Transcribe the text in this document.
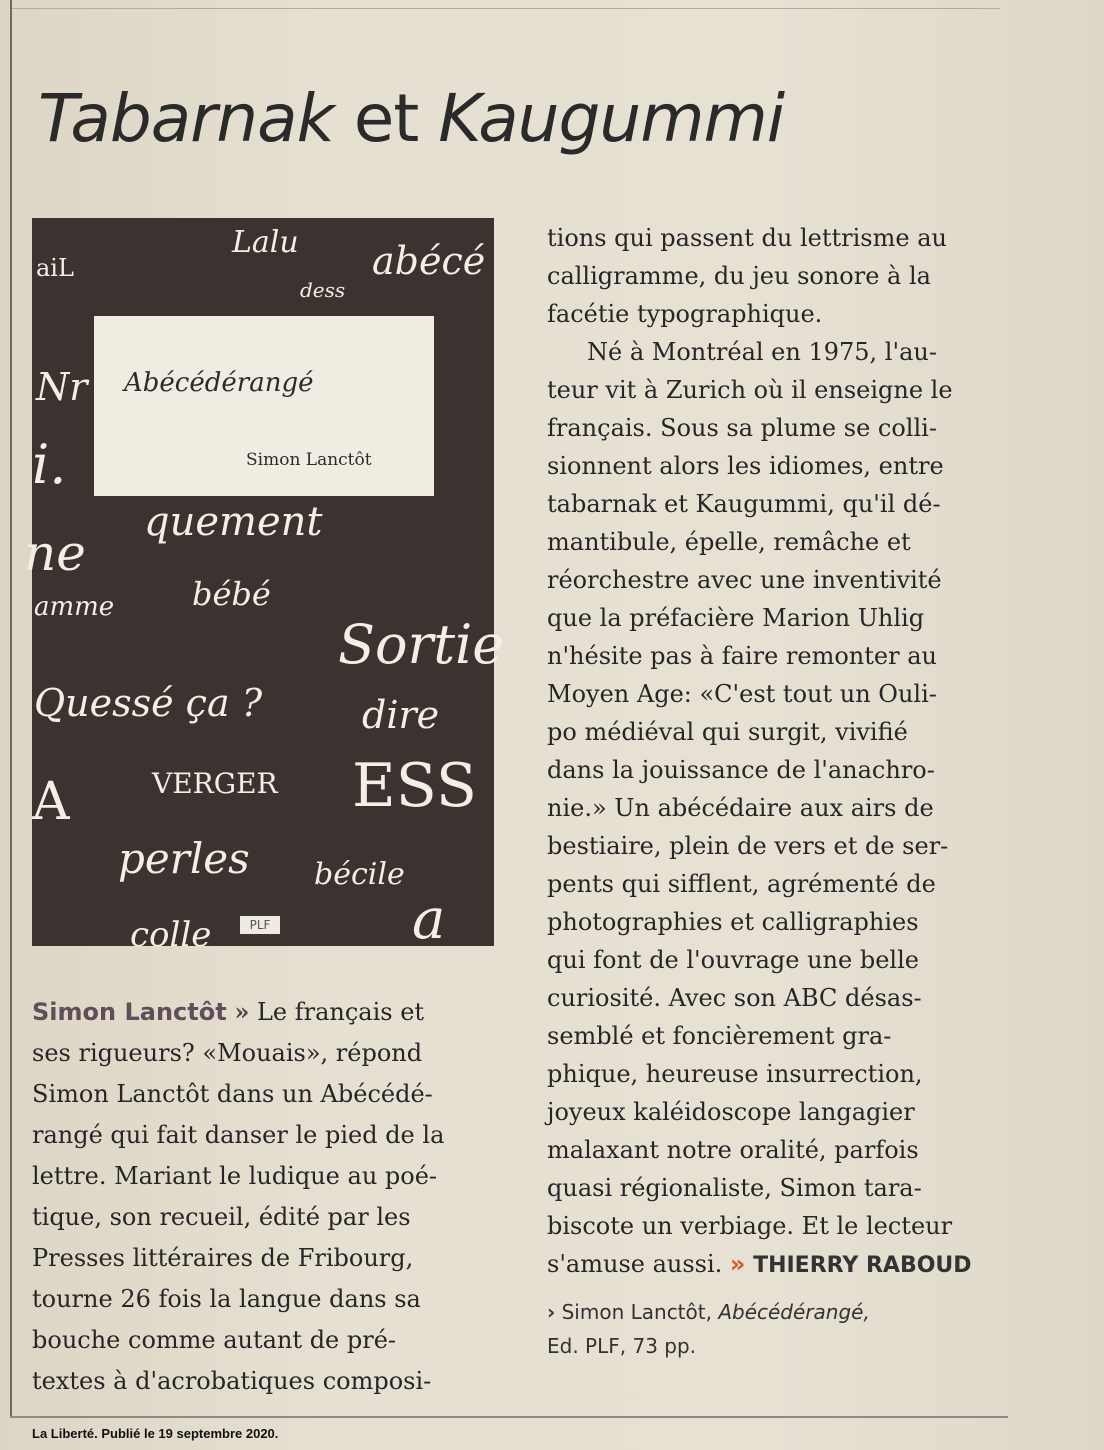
Tabarnak et Kaugummi
aiL
Lalu abécé
dess
Nr
i.
quement
ne
bébé
amme
Sortie
Quessé ça ?	dire
VERGER
A	ESS
perles bécile
colle	a
Abécédérangé
Simon Lanctôt
PLF

Simon Lanctôt » Le français et

ses rigueurs? «Mouais», répond

Simon Lanctôt dans un Abécédé-

rangé qui fait danser le pied de la

lettre. Mariant le ludique au poé-

tique, son recueil, édité par les

Presses littéraires de Fribourg,

tourne 26 fois la langue dans sa

bouche comme autant de pré-

textes à d'acrobatiques composi-

tions qui passent du lettrisme au

calligramme, du jeu sonore à la

facétie typographique.

Né à Montréal en 1975, l'au-

teur vit à Zurich où il enseigne le

français. Sous sa plume se colli-

sionnent alors les idiomes, entre

tabarnak et Kaugummi, qu'il dé-

mantibule, épelle, remâche et

réorchestre avec une inventivité

que la préfacière Marion Uhlig

n'hésite pas à faire remonter au

Moyen Age: «C'est tout un Ouli-

po médiéval qui surgit, vivifié

dans la jouissance de l'anachro-

nie.» Un abécédaire aux airs de

bestiaire, plein de vers et de ser-

pents qui sifflent, agrémenté de

photographies et calligraphies

qui font de l'ouvrage une belle

curiosité. Avec son ABC désas-

semblé et foncièrement gra-

phique, heureuse insurrection,

joyeux kaléidoscope langagier

malaxant notre oralité, parfois

quasi régionaliste, Simon tara-

biscote un verbiage. Et le lecteur

s'amuse aussi. » THIERRY RABOUD

› Simon Lanctôt, Abécédérangé,
Ed. PLF, 73 pp.
La Liberté. Publié le 19 septembre 2020.
